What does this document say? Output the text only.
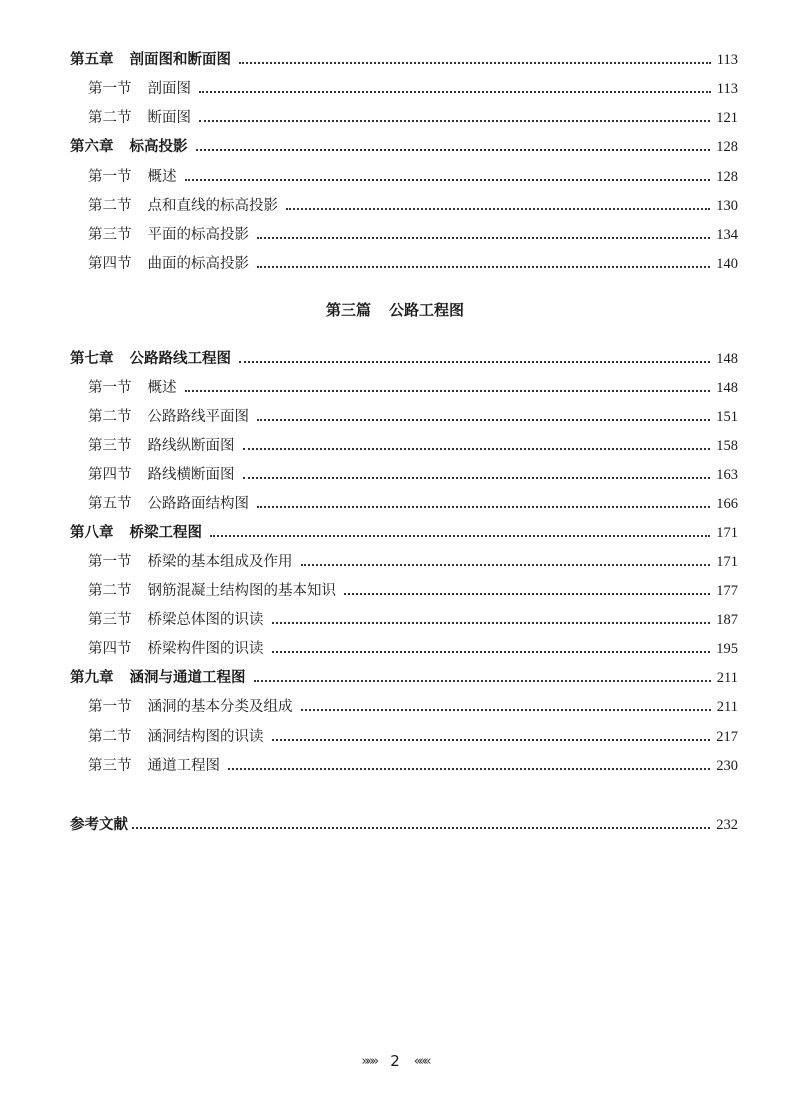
第五章 剖面图和断面图	113
第一节 剖面图	113
第二节 断面图	121
第六章 标高投影	128
第一节 概述	128
第二节 点和直线的标高投影	130
第三节 平面的标高投影	134
第四节 曲面的标高投影	140
第三篇 公路工程图
第七章 公路路线工程图	148
第一节 概述	148
第二节 公路路线平面图	151
第三节 路线纵断面图	158
第四节 路线横断面图	163
第五节 公路路面结构图	166
第八章 桥梁工程图	171
第一节 桥梁的基本组成及作用	171
第二节 钢筋混凝土结构图的基本知识	177
第三节 桥梁总体图的识读	187
第四节 桥梁构件图的识读	195
第九章 涵洞与通道工程图	211
第一节 涵洞的基本分类及组成	211
第二节 涵洞结构图的识读	217
第三节 通道工程图	230
参考文献	232
»»» 2 «««
